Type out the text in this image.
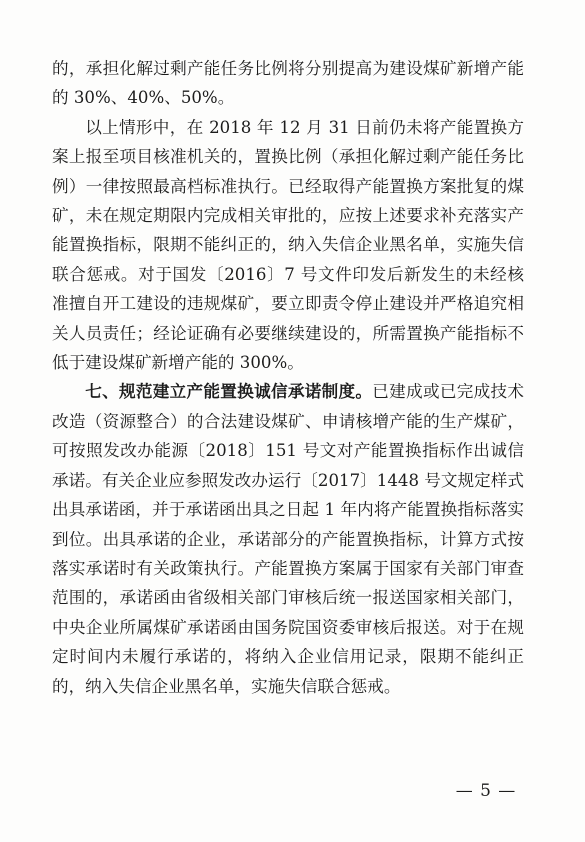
的，承担化解过剩产能任务比例将分别提高为建设煤矿新增产能的 30%、40%、50%。

以上情形中，在 2018 年 12 月 31 日前仍未将产能置换方案上报至项目核准机关的，置换比例（承担化解过剩产能任务比例）一律按照最高档标准执行。已经取得产能置换方案批复的煤矿，未在规定期限内完成相关审批的，应按上述要求补充落实产能置换指标，限期不能纠正的，纳入失信企业黑名单，实施失信联合惩戒。对于国发〔2016〕7 号文件印发后新发生的未经核准擅自开工建设的违规煤矿，要立即责令停止建设并严格追究相关人员责任；经论证确有必要继续建设的，所需置换产能指标不低于建设煤矿新增产能的 300%。

七、规范建立产能置换诚信承诺制度。已建成或已完成技术改造（资源整合）的合法建设煤矿、申请核增产能的生产煤矿，可按照发改办能源〔2018〕151 号文对产能置换指标作出诚信承诺。有关企业应参照发改办运行〔2017〕1448 号文规定样式出具承诺函，并于承诺函出具之日起 1 年内将产能置换指标落实到位。出具承诺的企业，承诺部分的产能置换指标，计算方式按落实承诺时有关政策执行。产能置换方案属于国家有关部门审查范围的，承诺函由省级相关部门审核后统一报送国家相关部门，中央企业所属煤矿承诺函由国务院国资委审核后报送。对于在规定时间内未履行承诺的，将纳入企业信用记录，限期不能纠正的，纳入失信企业黑名单，实施失信联合惩戒。

— 5 —
